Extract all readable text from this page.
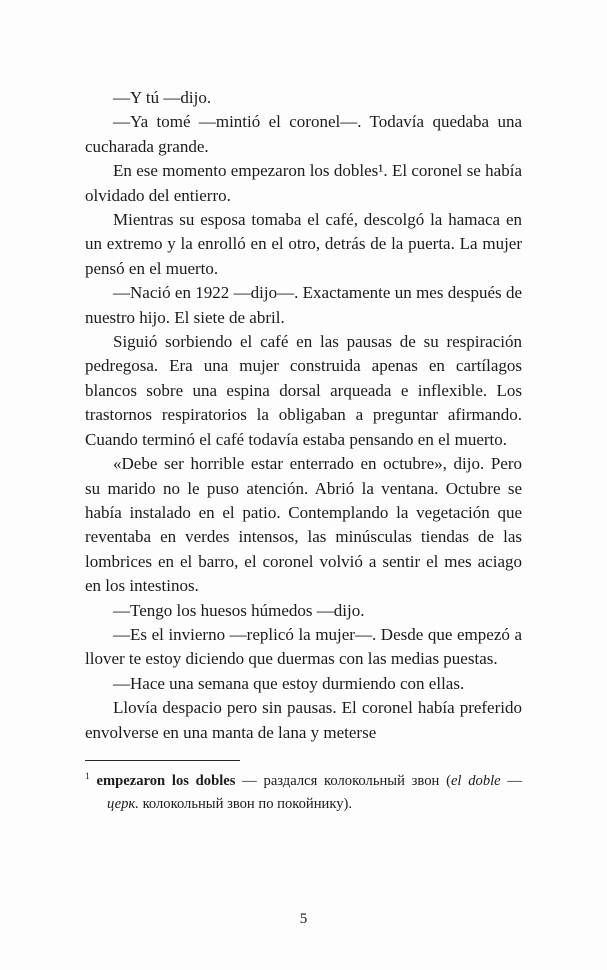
—Y tú —dijo.

—Ya tomé —mintió el coronel—. Todavía quedaba una cucharada grande.

En ese momento empezaron los dobles¹. El coronel se había olvidado del entierro.

Mientras su esposa tomaba el café, descolgó la hamaca en un extremo y la enrolló en el otro, detrás de la puerta. La mujer pensó en el muerto.

—Nació en 1922 —dijo—. Exactamente un mes después de nuestro hijo. El siete de abril.

Siguió sorbiendo el café en las pausas de su respiración pedregosa. Era una mujer construida apenas en cartílagos blancos sobre una espina dorsal arqueada e inflexible. Los trastornos respiratorios la obligaban a preguntar afirmando. Cuando terminó el café todavía estaba pensando en el muerto.

«Debe ser horrible estar enterrado en octubre», dijo. Pero su marido no le puso atención. Abrió la ventana. Octubre se había instalado en el patio. Contemplando la vegetación que reventaba en verdes intensos, las minúsculas tiendas de las lombrices en el barro, el coronel volvió a sentir el mes aciago en los intestinos.

—Tengo los huesos húmedos —dijo.

—Es el invierno —replicó la mujer—. Desde que empezó a llover te estoy diciendo que duermas con las medias puestas.

—Hace una semana que estoy durmiendo con ellas.

Llovía despacio pero sin pausas. El coronel había preferido envolverse en una manta de lana y meterse

$^1$ empezaron los dobles — раздался колокольный звон (el doble — церк. колокольный звон по покойнику).
5
